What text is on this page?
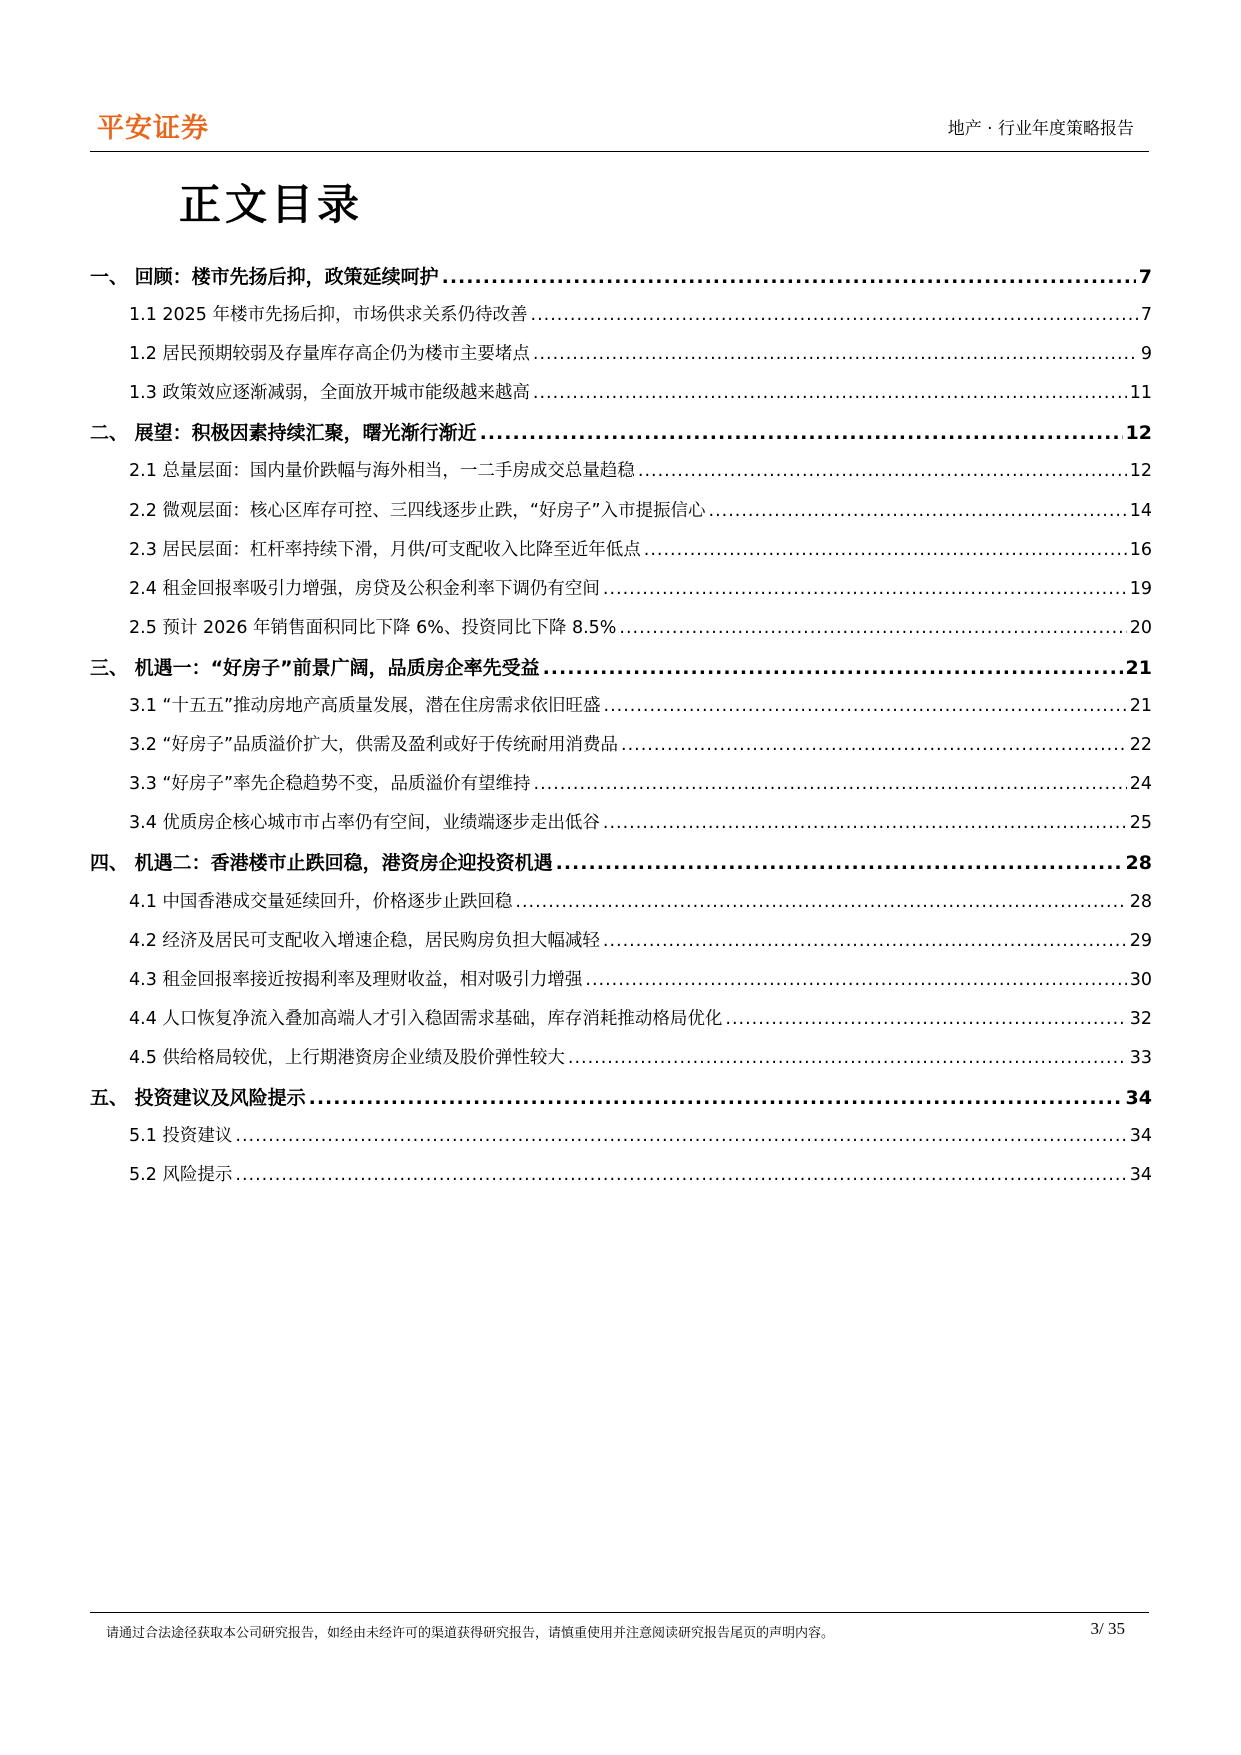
平安证券	地产 · 行业年度策略报告
正文目录
一、 回顾：楼市先扬后抑，政策延续呵护 .....	7
1.1 2025 年楼市先扬后抑，市场供求关系仍待改善 .....	7
1.2 居民预期较弱及存量库存高企仍为楼市主要堵点 .....	9
1.3 政策效应逐渐减弱，全面放开城市能级越来越高 .....	11
二、 展望：积极因素持续汇聚，曙光渐行渐近 .....	12
2.1 总量层面：国内量价跌幅与海外相当，一二手房成交总量趋稳 .....	12
2.2 微观层面：核心区库存可控、三四线逐步止跌，“好房子”入市提振信心 .....	14
2.3 居民层面：杠杆率持续下滑，月供/可支配收入比降至近年低点 .....	16
2.4 租金回报率吸引力增强，房贷及公积金利率下调仍有空间 .....	19
2.5 预计 2026 年销售面积同比下降 6%、投资同比下降 8.5% .....	20
三、 机遇一：“好房子”前景广阔，品质房企率先受益 .....	21
3.1 “十五五”推动房地产高质量发展，潜在住房需求依旧旺盛 .....	21
3.2 “好房子”品质溢价扩大，供需及盈利或好于传统耐用消费品 .....	22
3.3 “好房子”率先企稳趋势不变，品质溢价有望维持 .....	24
3.4 优质房企核心城市市占率仍有空间，业绩端逐步走出低谷 .....	25
四、 机遇二：香港楼市止跌回稳，港资房企迎投资机遇 .....	28
4.1 中国香港成交量延续回升，价格逐步止跌回稳 .....	28
4.2 经济及居民可支配收入增速企稳，居民购房负担大幅减轻 .....	29
4.3 租金回报率接近按揭利率及理财收益，相对吸引力增强 .....	30
4.4 人口恢复净流入叠加高端人才引入稳固需求基础，库存消耗推动格局优化 .....	32
4.5 供给格局较优，上行期港资房企业绩及股价弹性较大 .....	33
五、 投资建议及风险提示 .....	34
5.1 投资建议 .....	34
5.2 风险提示 .....	34
请通过合法途径获取本公司研究报告，如经由未经许可的渠道获得研究报告，请慎重使用并注意阅读研究报告尾页的声明内容。	3/ 35
